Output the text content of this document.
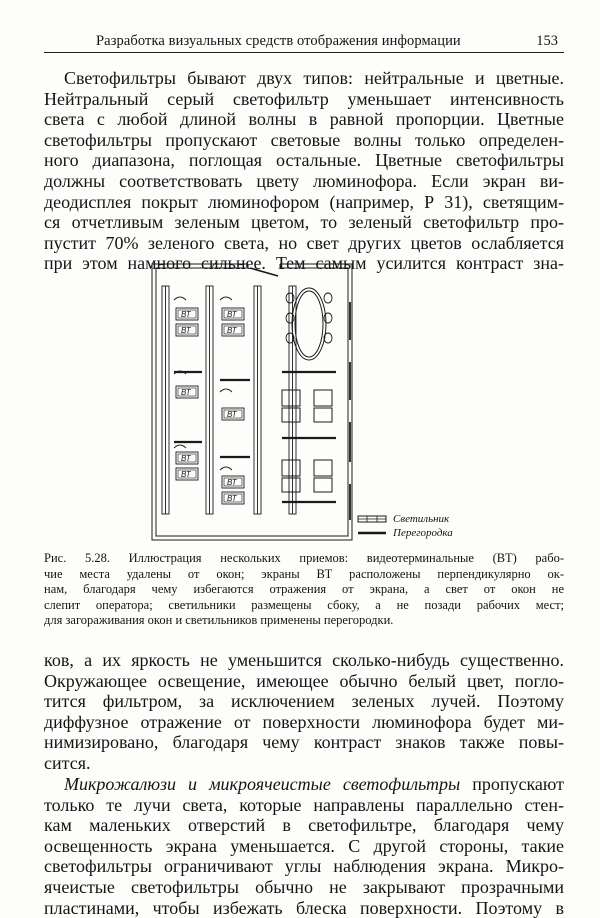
Разработка визуальных средств отображения информации	153

Светофильтры бывают двух типов: нейтральные и цветные.
Нейтральный серый светофильтр уменьшает интенсивность
света с любой длиной волны в равной пропорции. Цветные
светофильтры пропускают световые волны только определен-
ного диапазона, поглощая остальные. Цветные светофильтры
должны соответствовать цвету люминофора. Если экран ви-
деодисплея покрыт люминофором (например, Р 31), светящим-
ся отчетливым зеленым цветом, то зеленый светофильтр про-
пустит 70% зеленого света, но свет других цветов ослабляется
при этом намного сильнее. Тем самым усилится контраст зна-

ВТ
ВТ
ВТ
ВТ
ВТ
ВТ
ВТ
ВТ
ВТ
ВТ
Светильник
Перегородка

Рис. 5.28. Иллюстрация нескольких приемов: видеотерминальные (ВТ) рабо-
чие места удалены от окон; экраны ВТ расположены перпендикулярно ок-
нам, благодаря чему избегаются отражения от экрана, а свет от окон не
слепит оператора; светильники размещены сбоку, а не позади рабочих мест;
для загораживания окон и светильников применены перегородки.

ков, а их яркость не уменьшится сколько-нибудь существенно.
Окружающее освещение, имеющее обычно белый цвет, погло-
тится фильтром, за исключением зеленых лучей. Поэтому
диффузное отражение от поверхности люминофора будет ми-
нимизировано, благодаря чему контраст знаков также повы-
сится.

Микрожалюзи и микроячеистые светофильтры пропускают
только те лучи света, которые направлены параллельно стен-
кам маленьких отверстий в светофильтре, благодаря чему
освещенность экрана уменьшается. С другой стороны, такие
светофильтры ограничивают углы наблюдения экрана. Микро-
ячеистые светофильтры обычно не закрывают прозрачными
пластинами, чтобы избежать блеска поверхности. Поэтому в
